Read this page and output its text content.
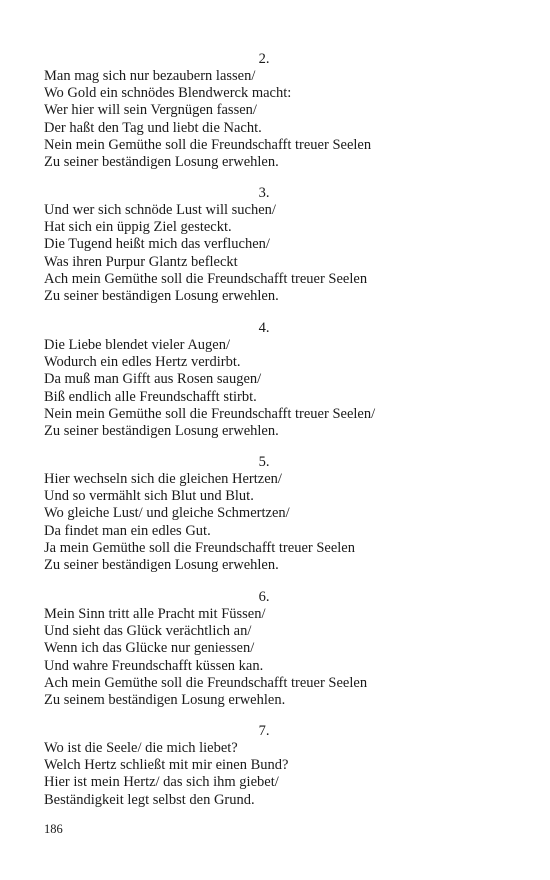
2.
Man mag sich nur bezaubern lassen/
Wo Gold ein schnödes Blendwerck macht:
Wer hier will sein Vergnügen fassen/
Der haßt den Tag und liebt die Nacht.
Nein mein Gemüthe soll die Freundschafft treuer Seelen
Zu seiner beständigen Losung erwehlen.
3.
Und wer sich schnöde Lust will suchen/
Hat sich ein üppig Ziel gesteckt.
Die Tugend heißt mich das verfluchen/
Was ihren Purpur Glantz befleckt
Ach mein Gemüthe soll die Freundschafft treuer Seelen
Zu seiner beständigen Losung erwehlen.
4.
Die Liebe blendet vieler Augen/
Wodurch ein edles Hertz verdirbt.
Da muß man Gifft aus Rosen saugen/
Biß endlich alle Freundschafft stirbt.
Nein mein Gemüthe soll die Freundschafft treuer Seelen/
Zu seiner beständigen Losung erwehlen.
5.
Hier wechseln sich die gleichen Hertzen/
Und so vermählt sich Blut und Blut.
Wo gleiche Lust/ und gleiche Schmertzen/
Da findet man ein edles Gut.
Ja mein Gemüthe soll die Freundschafft treuer Seelen
Zu seiner beständigen Losung erwehlen.
6.
Mein Sinn tritt alle Pracht mit Füssen/
Und sieht das Glück verächtlich an/
Wenn ich das Glücke nur geniessen/
Und wahre Freundschafft küssen kan.
Ach mein Gemüthe soll die Freundschafft treuer Seelen
Zu seinem beständigen Losung erwehlen.
7.
Wo ist die Seele/ die mich liebet?
Welch Hertz schließt mit mir einen Bund?
Hier ist mein Hertz/ das sich ihm giebet/
Beständigkeit legt selbst den Grund.
186
